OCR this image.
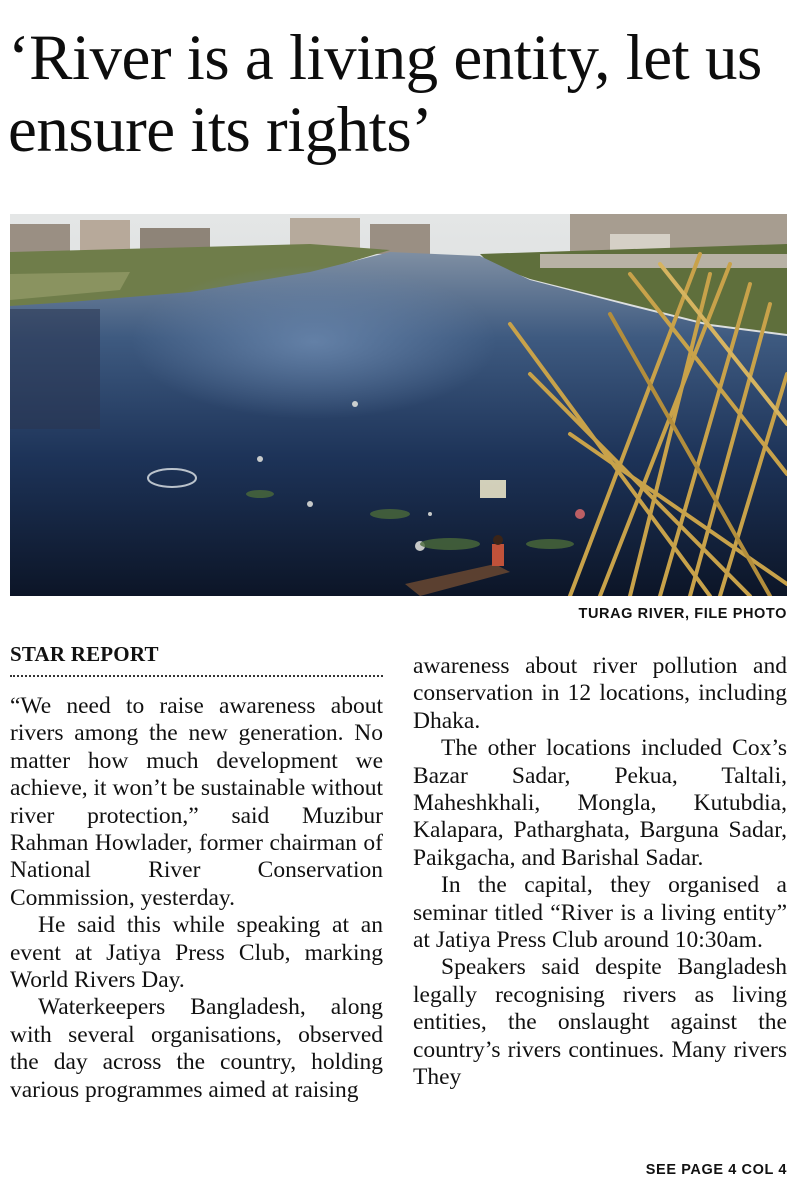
‘River is a living entity, let us ensure its rights’
TURAG RIVER, FILE PHOTO
STAR REPORT

“We need to raise awareness about rivers among the new generation. No matter how much development we achieve, it won’t be sustainable without river protection,” said Muzibur Rahman Howlader, former chairman of National River Conservation Commission, yesterday.

He said this while speaking at an event at Jatiya Press Club, marking World Rivers Day.

Waterkeepers Bangladesh, along with several organisations, observed the day across the country, holding various programmes aimed at raising

awareness about river pollution and conservation in 12 locations, including Dhaka.

The other locations included Cox’s Bazar Sadar, Pekua, Taltali, Maheshkhali, Mongla, Kutubdia, Kalapara, Patharghata, Barguna Sadar, Paikgacha, and Barishal Sadar.

In the capital, they organised a seminar titled “River is a living entity” at Jatiya Press Club around 10:30am.

Speakers said despite Bangladesh legally recognising rivers as living entities, the onslaught against the country’s rivers continues. Many rivers They

SEE PAGE 4 COL 4
